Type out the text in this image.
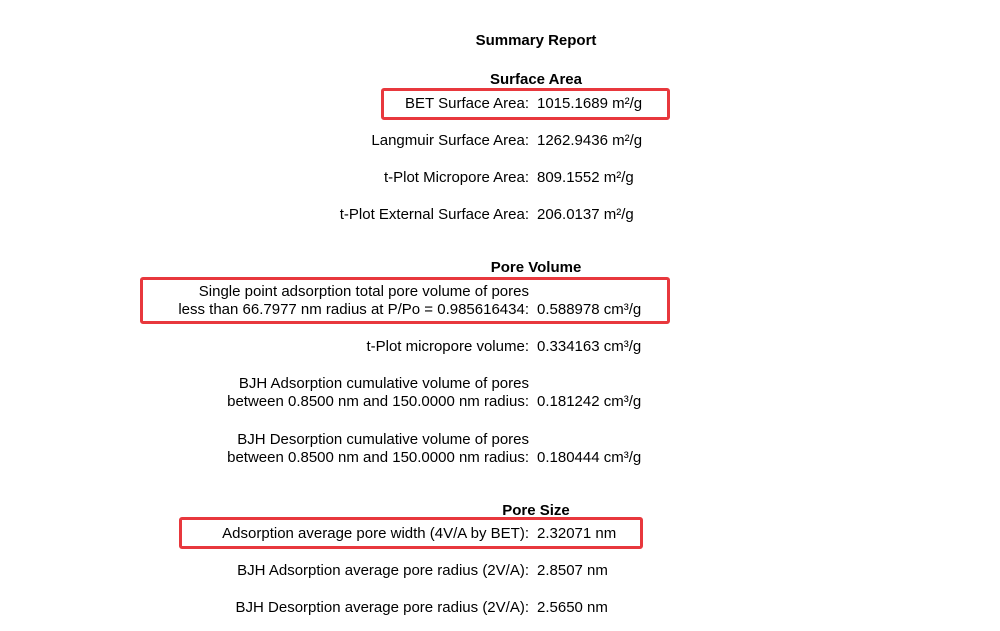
Summary Report
Surface Area
BET Surface Area: 1015.1689 m²/g
Langmuir Surface Area: 1262.9436 m²/g
t-Plot Micropore Area: 809.1552 m²/g
t-Plot External Surface Area: 206.0137 m²/g
Pore Volume
Single point adsorption total pore volume of pores
less than 66.7977 nm radius at P/Po = 0.985616434: 0.588978 cm³/g
t-Plot micropore volume: 0.334163 cm³/g
BJH Adsorption cumulative volume of pores
between 0.8500 nm and 150.0000 nm radius: 0.181242 cm³/g
BJH Desorption cumulative volume of pores
between 0.8500 nm and 150.0000 nm radius: 0.180444 cm³/g
Pore Size
Adsorption average pore width (4V/A by BET): 2.32071 nm
BJH Adsorption average pore radius (2V/A): 2.8507 nm
BJH Desorption average pore radius (2V/A): 2.5650 nm
